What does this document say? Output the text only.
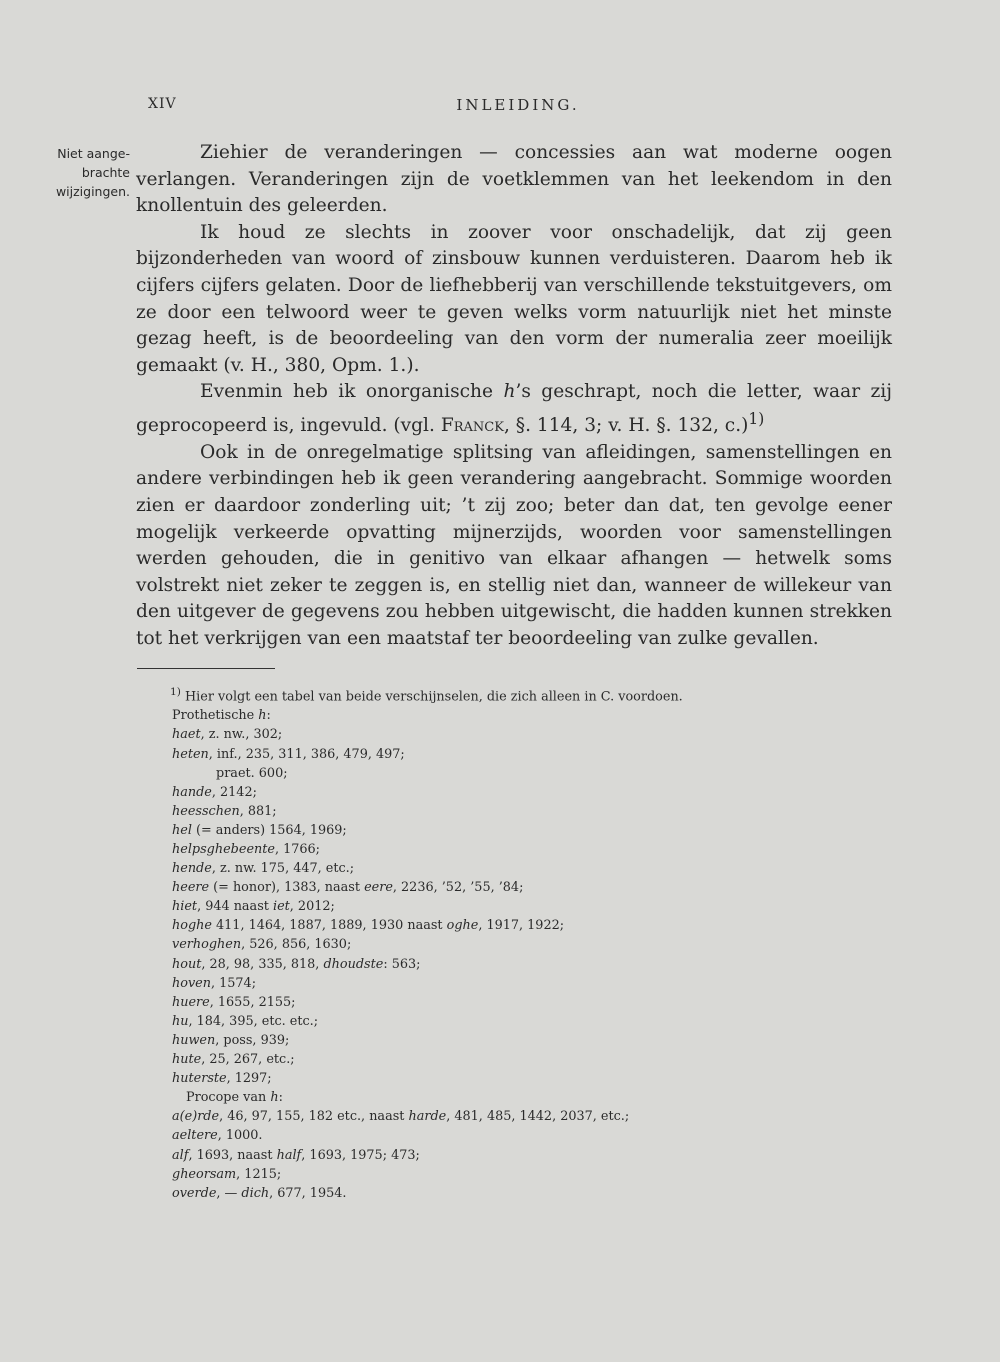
XIV	INLEIDING.
Niet aange-
brachte
wijzigingen.

Ziehier de veranderingen — concessies aan wat moderne oogen verlangen. Veranderingen zijn de voetklemmen van het leekendom in den knollentuin des geleerden.

Ik houd ze slechts in zoover voor onschadelijk, dat zij geen bijzonderheden van woord of zinsbouw kunnen verduisteren. Daarom heb ik cijfers cijfers gelaten. Door de liefhebberij van verschillende tekstuitgevers, om ze door een telwoord weer te geven welks vorm natuurlijk niet het minste gezag heeft, is de beoordeeling van den vorm der numeralia zeer moeilijk gemaakt (v. H., 380, Opm. 1.).

Evenmin heb ik onorganische h’s geschrapt, noch die letter, waar zij geprocopeerd is, ingevuld. (vgl. Franck, §. 114, 3; v. H. §. 132, c.)$^{1)}$

Ook in de onregelmatige splitsing van afleidingen, samenstellingen en andere verbindingen heb ik geen verandering aangebracht. Sommige woorden zien er daardoor zonderling uit; ’t zij zoo; beter dan dat, ten gevolge eener mogelijk verkeerde opvatting mijnerzijds, woorden voor samenstellingen werden gehouden, die in genitivo van elkaar afhangen — hetwelk soms volstrekt niet zeker te zeggen is, en stellig niet dan, wanneer de willekeur van den uitgever de gegevens zou hebben uitgewischt, die hadden kunnen strekken tot het verkrijgen van een maatstaf ter beoordeeling van zulke gevallen.

$^{1)}$ Hier volgt een tabel van beide verschijnselen, die zich alleen in C. voordoen.
Prothetische h:
haet, z. nw., 302;
heten, inf., 235, 311, 386, 479, 497;
praet. 600;
hande, 2142;
heesschen, 881;
hel (= anders) 1564, 1969;
helpsghebeente, 1766;
hende, z. nw. 175, 447, etc.;
heere (= honor), 1383, naast eere, 2236, ’52, ’55, ’84;
hiet, 944 naast iet, 2012;
hoghe 411, 1464, 1887, 1889, 1930 naast oghe, 1917, 1922;
verhoghen, 526, 856, 1630;
hout, 28, 98, 335, 818, dhoudste: 563;
hoven, 1574;
huere, 1655, 2155;
hu, 184, 395, etc. etc.;
huwen, poss, 939;
hute, 25, 267, etc.;
huterste, 1297;
Procope van h:
a(e)rde, 46, 97, 155, 182 etc., naast harde, 481, 485, 1442, 2037, etc.;
aeltere, 1000.
alf, 1693, naast half, 1693, 1975; 473;
gheorsam, 1215;
overde, — dich, 677, 1954.
